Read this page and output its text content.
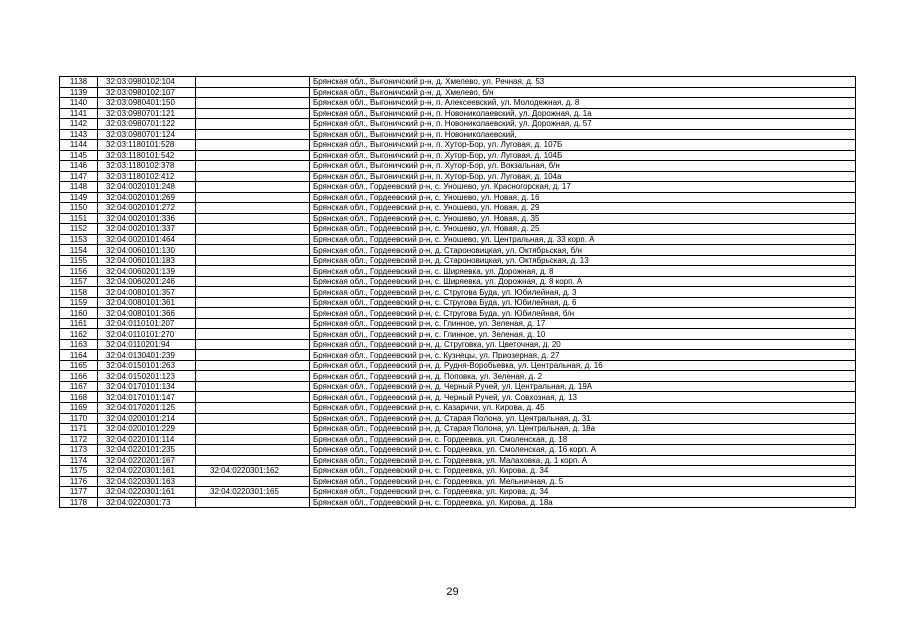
1138	32:03:0980102:104		Брянская обл., Выгоничский р-н, д. Хмелево, ул. Речная, д. 53
1139	32:03:0980102:107		Брянская обл., Выгоничский р-н, д. Хмелево, б/н
1140	32:03:0980401:150		Брянская обл., Выгоничский р-н, п. Алексеевский, ул. Молодежная, д. 8
1141	32:03:0980701:121		Брянская обл., Выгоничский р-н, п. Новониколаевский, ул. Дорожная, д. 1а
1142	32:03:0980701:122		Брянская обл., Выгоничский р-н, п. Новониколаевский, ул. Дорожная, д. 57
1143	32:03:0980701:124		Брянская обл., Выгоничский р-н, п. Новониколаевский,
1144	32:03:1180101:528		Брянская обл., Выгоничский р-н, п. Хутор-Бор, ул. Луговая, д. 107Б
1145	32:03:1180101:542		Брянская обл., Выгоничский р-н, п. Хутор-Бор, ул. Луговая, д. 104Б
1146	32:03:1180102:378		Брянская обл., Выгоничский р-н, п. Хутор-Бор, ул. Вокзальная, б/н
1147	32:03:1180102:412		Брянская обл., Выгоничский р-н, п. Хутор-Бор, ул. Луговая, д. 104а
1148	32:04:0020101:248		Брянская обл., Гордеевский р-н, с. Уношево, ул. Красногорская, д. 17
1149	32:04:0020101:269		Брянская обл., Гордеевский р-н, с. Уношево, ул. Новая, д. 16
1150	32:04:0020101:272		Брянская обл., Гордеевский р-н, с. Уношево, ул. Новая, д. 29
1151	32:04:0020101:336		Брянская обл., Гордеевский р-н, с. Уношево, ул. Новая, д. 35
1152	32:04:0020101:337		Брянская обл., Гордеевский р-н, с. Уношево, ул. Новая, д. 25
1153	32:04:0020101:464		Брянская обл., Гордеевский р-н, с. Уношево, ул. Центральная, д. 33 корп. А
1154	32:04:0060101:130		Брянская обл., Гордеевский р-н, д. Староновицкая, ул. Октябрьская, б/н
1155	32:04:0060101:183		Брянская обл., Гордеевский р-н, д. Староновицкая, ул. Октябрьская, д. 13
1156	32:04:0060201:139		Брянская обл., Гордеевский р-н, с. Ширяевка, ул. Дорожная, д. 8
1157	32:04:0060201:246		Брянская обл., Гордеевский р-н, с. Ширяевка, ул. Дорожная, д. 8 корп. А
1158	32:04:0080101:357		Брянская обл., Гордеевский р-н, с. Стругова Буда, ул. Юбилейная, д. 3
1159	32:04:0080101:361		Брянская обл., Гордеевский р-н, с. Стругова Буда, ул. Юбилейная, д. 6
1160	32:04:0080101:366		Брянская обл., Гордеевский р-н, с. Стругова Буда, ул. Юбилейная, б/н
1161	32:04:0110101:207		Брянская обл., Гордеевский р-н, с. Глинное, ул. Зеленая, д. 17
1162	32:04:0110101:270		Брянская обл., Гордеевский р-н, с. Глинное, ул. Зеленая, д. 10
1163	32:04:0110201:94		Брянская обл., Гордеевский р-н, д. Струговка, ул. Цветочная, д. 20
1164	32:04:0130401:239		Брянская обл., Гордеевский р-н, с. Кузнецы, ул. Приозерная, д. 27
1165	32:04:0150101:263		Брянская обл., Гордеевский р-н, д. Рудня-Воробьевка, ул. Центральная, д. 16
1166	32:04:0150201:123		Брянская обл., Гордеевский р-н, д. Поповка, ул. Зеленая, д. 2
1167	32:04:0170101:134		Брянская обл., Гордеевский р-н, д. Черный Ручей, ул. Центральная, д. 19А
1168	32:04:0170101:147		Брянская обл., Гордеевский р-н, д. Черный Ручей, ул. Совхозная, д. 13
1169	32:04:0170201:125		Брянская обл., Гордеевский р-н, с. Казаричи, ул. Кирова, д. 45
1170	32:04:0200101:214		Брянская обл., Гордеевский р-н, д. Старая Полона, ул. Центральная, д. 31
1171	32:04:0200101:229		Брянская обл., Гордеевский р-н, д. Старая Полона, ул. Центральная, д. 18а
1172	32:04:0220101:114		Брянская обл., Гордеевский р-н, с. Гордеевка, ул. Смоленская, д. 18
1173	32:04:0220101:235		Брянская обл., Гордеевский р-н, с. Гордеевка, ул. Смоленская, д. 16 корп. А
1174	32:04:0220201:167		Брянская обл., Гордеевский р-н, с. Гордеевка, ул. Малаховка, д. 1 корп. А
1175	32:04:0220301:161	32:04:0220301:162	Брянская обл., Гордеевский р-н, с. Гордеевка, ул. Кирова, д. 34
1176	32:04:0220301:163		Брянская обл., Гордеевский р-н, с. Гордеевка, ул. Мельничная, д. 5
1177	32:04:0220301:161	32:04:0220301:165	Брянская обл., Гордеевский р-н, с. Гордеевка, ул. Кирова, д. 34
1178	32:04:0220301:73		Брянская обл., Гордеевский р-н, с. Гордеевка, ул. Кирова, д. 18а
29
